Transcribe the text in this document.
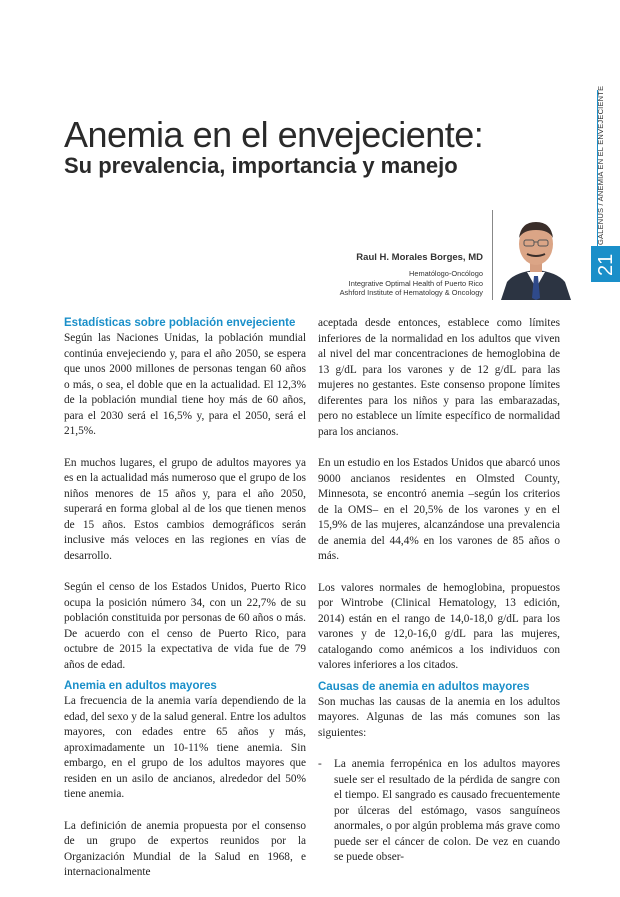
GALENUS / ANEMIA EN EL ENVEJECIENTE
21
Anemia en el envejeciente:
Su prevalencia, importancia y manejo
Raul H. Morales Borges, MD
Hematólogo-Oncólogo
Integrative Optimal Health of Puerto Rico
Ashford Institute of Hematology & Oncology
Estadísticas sobre población envejeciente

Según las Naciones Unidas, la población mundial continúa envejeciendo y, para el año 2050, se espera que unos 2000 millones de personas tengan 60 años o más, o sea, el doble que en la actualidad. El 12,3% de la población mundial tiene hoy más de 60 años, para el 2030 será el 16,5% y, para el 2050, será el 21,5%.

En muchos lugares, el grupo de adultos mayores ya es en la actualidad más numeroso que el grupo de los niños menores de 15 años y, para el año 2050, superará en forma global al de los que tienen menos de 15 años. Estos cambios demográficos serán inclusive más veloces en las regiones en vías de desarrollo.

Según el censo de los Estados Unidos, Puerto Rico ocupa la posición número 34, con un 22,7% de su población constituida por personas de 60 años o más. De acuerdo con el censo de Puerto Rico, para octubre de 2015 la expectativa de vida fue de 79 años de edad.

Anemia en adultos mayores

La frecuencia de la anemia varía dependiendo de la edad, del sexo y de la salud general. Entre los adultos mayores, con edades entre 65 años y más, aproximadamente un 10-11% tiene anemia. Sin embargo, en el grupo de los adultos mayores que residen en un asilo de ancianos, alrededor del 50% tiene anemia.

La definición de anemia propuesta por el consenso de un grupo de expertos reunidos por la Organización Mundial de la Salud en 1968, e internacionalmente

aceptada desde entonces, establece como límites inferiores de la normalidad en los adultos que viven al nivel del mar concentraciones de hemoglobina de 13 g/dL para los varones y de 12 g/dL para las mujeres no gestantes. Este consenso propone límites diferentes para los niños y para las embarazadas, pero no establece un límite específico de normalidad para los ancianos.

En un estudio en los Estados Unidos que abarcó unos 9000 ancianos residentes en Olmsted County, Minnesota, se encontró anemia –según los criterios de la OMS– en el 20,5% de los varones y en el 15,9% de las mujeres, alcanzándose una prevalencia de anemia del 44,4% en los varones de 85 años o más.

Los valores normales de hemoglobina, propuestos por Wintrobe (Clinical Hematology, 13 edición, 2014) están en el rango de 14,0-18,0 g/dL para los varones y de 12,0-16,0 g/dL para las mujeres, catalogando como anémicos a los individuos con valores inferiores a los citados.

Causas de anemia en adultos mayores

Son muchas las causas de la anemia en los adultos mayores. Algunas de las más comunes son las siguientes:

- La anemia ferropénica en los adultos mayores suele ser el resultado de la pérdida de sangre con el tiempo. El sangrado es causado frecuentemente por úlceras del estómago, vasos sanguíneos anormales, o por algún problema más grave como puede ser el cáncer de colon. De vez en cuando se puede obser-
